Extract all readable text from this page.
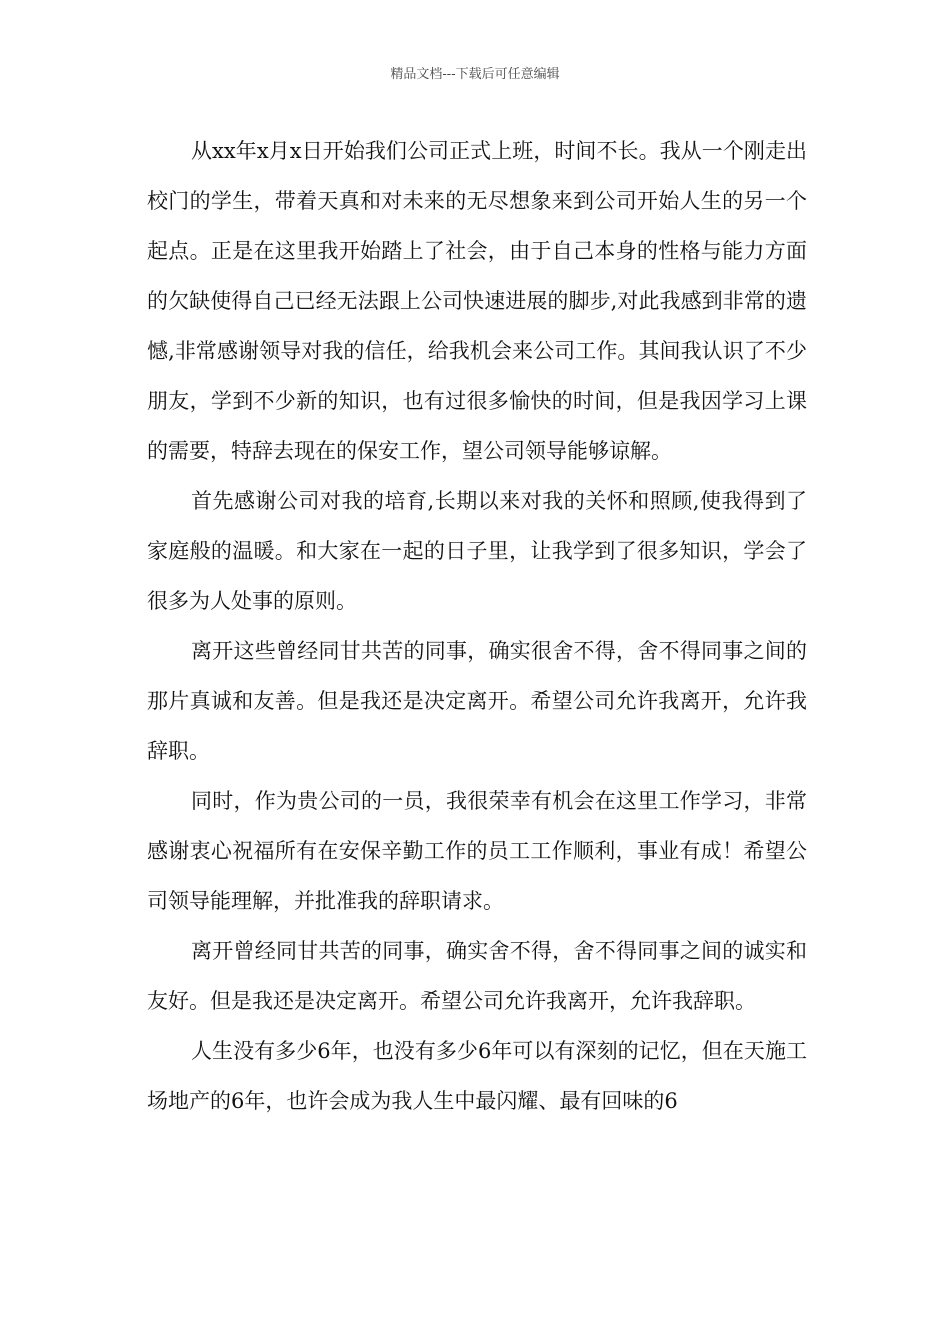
精品文档---下载后可任意编辑

从xx年x月x日开始我们公司正式上班，时间不长。我从一个刚走出校门的学生，带着天真和对未来的无尽想象来到公司开始人生的另一个起点。正是在这里我开始踏上了社会，由于自己本身的性格与能力方面的欠缺使得自己已经无法跟上公司快速进展的脚步,对此我感到非常的遗憾,非常感谢领导对我的信任，给我机会来公司工作。其间我认识了不少朋友，学到不少新的知识，也有过很多愉快的时间，但是我因学习上课的需要，特辞去现在的保安工作，望公司领导能够谅解。

首先感谢公司对我的培育,长期以来对我的关怀和照顾,使我得到了家庭般的温暖。和大家在一起的日子里，让我学到了很多知识，学会了很多为人处事的原则。

离开这些曾经同甘共苦的同事，确实很舍不得，舍不得同事之间的那片真诚和友善。但是我还是决定离开。希望公司允许我离开，允许我辞职。

同时，作为贵公司的一员，我很荣幸有机会在这里工作学习，非常感谢衷心祝福所有在安保辛勤工作的员工工作顺利，事业有成！希望公司领导能理解，并批准我的辞职请求。

离开曾经同甘共苦的同事，确实舍不得，舍不得同事之间的诚实和友好。但是我还是决定离开。希望公司允许我离开，允许我辞职。

人生没有多少6年，也没有多少6年可以有深刻的记忆，但在天施工场地产的6年，也许会成为我人生中最闪耀、最有回味的6
